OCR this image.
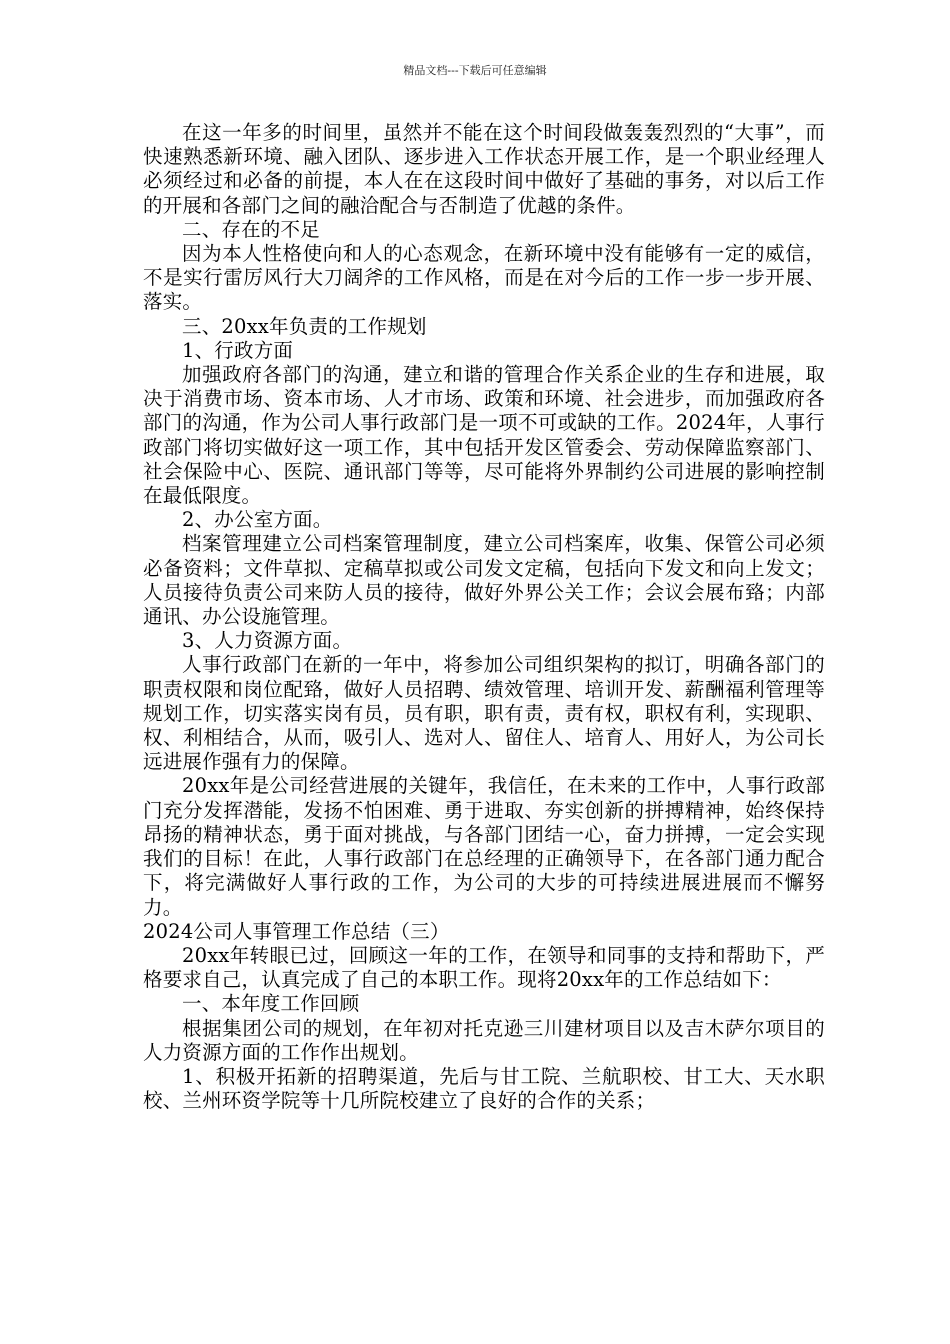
精品文档---下载后可任意编辑

在这一年多的时间里，虽然并不能在这个时间段做轰轰烈烈的“大事”，而快速熟悉新环境、融入团队、逐步进入工作状态开展工作，是一个职业经理人必须经过和必备的前提，本人在在这段时间中做好了基础的事务，对以后工作的开展和各部门之间的融洽配合与否制造了优越的条件。

二、存在的不足

因为本人性格使向和人的心态观念，在新环境中没有能够有一定的威信，不是实行雷厉风行大刀阔斧的工作风格，而是在对今后的工作一步一步开展、落实。

三、20xx年负责的工作规划

1、行政方面

加强政府各部门的沟通，建立和谐的管理合作关系企业的生存和进展，取决于消费市场、资本市场、人才市场、政策和环境、社会进步，而加强政府各部门的沟通，作为公司人事行政部门是一项不可或缺的工作。2024年，人事行政部门将切实做好这一项工作，其中包括开发区管委会、劳动保障监察部门、社会保险中心、医院、通讯部门等等，尽可能将外界制约公司进展的影响控制在最低限度。

2、办公室方面。

档案管理建立公司档案管理制度，建立公司档案库，收集、保管公司必须必备资料；文件草拟、定稿草拟或公司发文定稿，包括向下发文和向上发文；人员接待负责公司来防人员的接待，做好外界公关工作；会议会展布臵；内部通讯、办公设施管理。

3、人力资源方面。

人事行政部门在新的一年中，将参加公司组织架构的拟订，明确各部门的职责权限和岗位配臵，做好人员招聘、绩效管理、培训开发、薪酬福利管理等规划工作，切实落实岗有员，员有职，职有责，责有权，职权有利，实现职、权、利相结合，从而，吸引人、选对人、留住人、培育人、用好人，为公司长远进展作强有力的保障。

20xx年是公司经营进展的关键年，我信任，在未来的工作中，人事行政部门充分发挥潜能，发扬不怕困难、勇于进取、夯实创新的拼搏精神，始终保持昂扬的精神状态，勇于面对挑战，与各部门团结一心，奋力拼搏，一定会实现我们的目标！在此，人事行政部门在总经理的正确领导下，在各部门通力配合下，将完满做好人事行政的工作，为公司的大步的可持续进展进展而不懈努力。

2024公司人事管理工作总结（三）

20xx年转眼已过，回顾这一年的工作，在领导和同事的支持和帮助下，严格要求自己，认真完成了自己的本职工作。现将20xx年的工作总结如下：

一、本年度工作回顾

根据集团公司的规划，在年初对托克逊三川建材项目以及吉木萨尔项目的人力资源方面的工作作出规划。

1、积极开拓新的招聘渠道，先后与甘工院、兰航职校、甘工大、天水职校、兰州环资学院等十几所院校建立了良好的合作的关系；
